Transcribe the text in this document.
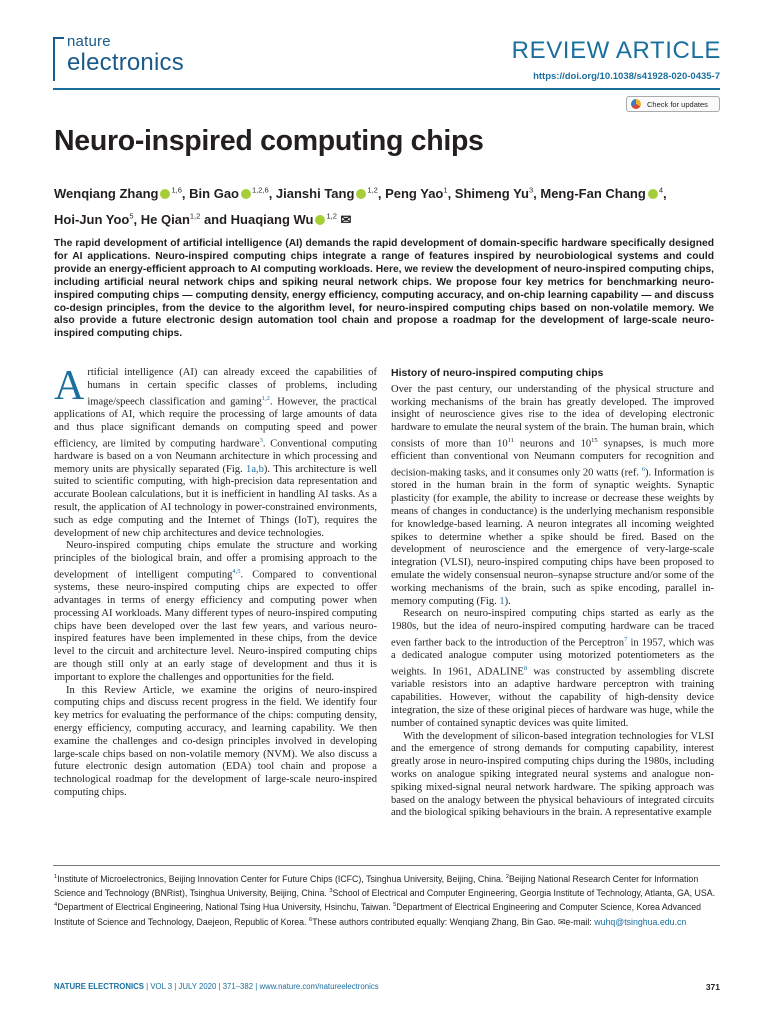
nature
electronics	REVIEW ARTICLE
https://doi.org/10.1038/s41928-020-0435-7
Check for updates
Neuro-inspired computing chips
Wenqiang Zhang $^{1,6}$, Bin Gao $^{1,2,6}$, Jianshi Tang $^{1,2}$, Peng Yao$^1$, Shimeng Yu$^3$, Meng-Fan Chang $^4$,
Hoi-Jun Yoo$^5$, He Qian$^{1,2}$ and Huaqiang Wu $^{1,2}$ ✉
The rapid development of artificial intelligence (AI) demands the rapid development of domain-specific hardware specifically designed for AI applications. Neuro-inspired computing chips integrate a range of features inspired by neurobiological systems and could provide an energy-efficient approach to AI computing workloads. Here, we review the development of neuro-inspired computing chips, including artificial neural network chips and spiking neural network chips. We propose four key metrics for benchmarking neuro-inspired computing chips — computing density, energy efficiency, computing accuracy, and on-chip learning capability — and discuss co-design principles, from the device to the algorithm level, for neuro-inspired computing chips based on non-volatile memory. We also provide a future electronic design automation tool chain and propose a roadmap for the development of large-scale neuro-inspired computing chips.

Artificial intelligence (AI) can already exceed the capabilities of humans in certain specific classes of problems, including image/speech classification and gaming$^{1,2}$. However, the practical applications of AI, which require the processing of large amounts of data and thus place significant demands on computing speed and power efficiency, are limited by computing hardware$^3$. Conventional computing hardware is based on a von Neumann architecture in which processing and memory units are physically separated (Fig. 1a,b). This architecture is well suited to scientific computing, with high-precision data representation and accurate Boolean calculations, but it is inefficient in handling AI tasks. As a result, the application of AI technology in power-constrained environments, such as edge computing and the Internet of Things (IoT), requires the development of new chip architectures and device technologies.

Neuro-inspired computing chips emulate the structure and working principles of the biological brain, and offer a promising approach to the development of intelligent computing$^{4,5}$. Compared to conventional systems, these neuro-inspired computing chips are expected to offer advantages in terms of energy efficiency and computing power when processing AI workloads. Many different types of neuro-inspired computing chips have been developed over the last few years, and various neuro-inspired features have been implemented in these chips, from the device level to the circuit and architecture level. Neuro-inspired computing chips are though still only at an early stage of development and thus it is important to explore the challenges and opportunities for the field.

In this Review Article, we examine the origins of neuro-inspired computing chips and discuss recent progress in the field. We identify four key metrics for evaluating the performance of the chips: computing density, energy efficiency, computing accuracy, and learning capability. We then examine the challenges and co-design principles involved in developing large-scale chips based on non-volatile memory (NVM). We also discuss a future electronic design automation (EDA) tool chain and propose a technological roadmap for the development of large-scale neuro-inspired computing chips.

History of neuro-inspired computing chips

Over the past century, our understanding of the physical structure and working mechanisms of the brain has greatly developed. The improved insight of neuroscience gives rise to the idea of developing electronic hardware to emulate the neural system of the brain. The human brain, which consists of more than $10^{11}$ neurons and $10^{15}$ synapses, is much more efficient than conventional von Neumann computers for recognition and decision-making tasks, and it consumes only 20 watts (ref. $^6$). Information is stored in the human brain in the form of synaptic weights. Synaptic plasticity (for example, the ability to increase or decrease these weights by means of changes in conductance) is the underlying mechanism responsible for knowledge-based learning. A neuron integrates all incoming weighted spikes to determine whether a spike should be fired. Based on the development of neuroscience and the emergence of very-large-scale integration (VLSI), neuro-inspired computing chips have been proposed to emulate the widely consensual neuron–synapse structure and/or some of the working mechanisms of the brain, such as spike encoding, parallel in-memory computing (Fig. 1).

Research on neuro-inspired computing chips started as early as the 1980s, but the idea of neuro-inspired computing hardware can be traced even farther back to the introduction of the Perceptron$^7$ in 1957, which was a dedicated analogue computer using motorized potentiometers as the weights. In 1961, ADALINE$^8$ was constructed by assembling discrete variable resistors into an adaptive hardware perceptron with training capabilities. However, without the capability of high-density device integration, the size of these original pieces of hardware was huge, while the number of contained synaptic devices was quite limited.

With the development of silicon-based integration technologies for VLSI and the emergence of strong demands for computing capability, interest greatly arose in neuro-inspired computing chips during the 1980s, including works on analogue spiking integrated neural systems and analogue non-spiking mixed-signal neural network hardware. The spiking approach was based on the analogy between the physical behaviours of integrated circuits and the biological spiking behaviours in the brain. A representative example

$^1$Institute of Microelectronics, Beijing Innovation Center for Future Chips (ICFC), Tsinghua University, Beijing, China. $^2$Beijing National Research Center for Information Science and Technology (BNRist), Tsinghua University, Beijing, China. $^3$School of Electrical and Computer Engineering, Georgia Institute of Technology, Atlanta, GA, USA. $^4$Department of Electrical Engineering, National Tsing Hua University, Hsinchu, Taiwan. $^5$Department of Electrical Engineering and Computer Science, Korea Advanced Institute of Science and Technology, Daejeon, Republic of Korea. $^6$These authors contributed equally: Wenqiang Zhang, Bin Gao. ✉e-mail: wuhq@tsinghua.edu.cn
NATURE ELECTRONICS | VOL 3 | JULY 2020 | 371–382 | www.nature.com/natureelectronics	371
